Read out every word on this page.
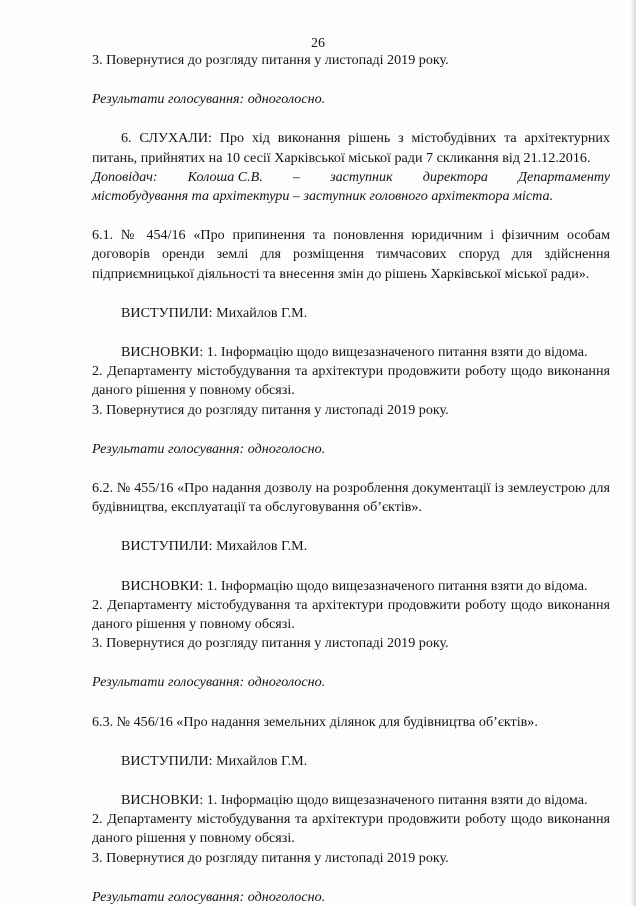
26

3. Повернутися до розгляду питання у листопаді 2019 року.

Результати голосування: одноголосно.

6. СЛУХАЛИ: Про хід виконання рішень з містобудівних та архітектурних питань, прийнятих на 10 сесії Харківської міської ради 7 скликання від 21.12.2016.

Доповідач: Колоша С.В. – заступник директора Департаменту

містобудування та архітектури – заступник головного архітектора міста.

6.1. № 454/16 «Про припинення та поновлення юридичним і фізичним особам договорів оренди землі для розміщення тимчасових споруд для здійснення підприємницької діяльності та внесення змін до рішень Харківської міської ради».

ВИСТУПИЛИ: Михайлов Г.М.

ВИСНОВКИ: 1. Інформацію щодо вищезазначеного питання взяти до відома.

2. Департаменту містобудування та архітектури продовжити роботу щодо виконання даного рішення у повному обсязі.

3. Повернутися до розгляду питання у листопаді 2019 року.

Результати голосування: одноголосно.

6.2. № 455/16 «Про надання дозволу на розроблення документації із землеустрою для будівництва, експлуатації та обслуговування об’єктів».

ВИСТУПИЛИ: Михайлов Г.М.

ВИСНОВКИ: 1. Інформацію щодо вищезазначеного питання взяти до відома.

2. Департаменту містобудування та архітектури продовжити роботу щодо виконання даного рішення у повному обсязі.

3. Повернутися до розгляду питання у листопаді 2019 року.

Результати голосування: одноголосно.

6.3. № 456/16 «Про надання земельних ділянок для будівництва об’єктів».

ВИСТУПИЛИ: Михайлов Г.М.

ВИСНОВКИ: 1. Інформацію щодо вищезазначеного питання взяти до відома.

2. Департаменту містобудування та архітектури продовжити роботу щодо виконання даного рішення у повному обсязі.

3. Повернутися до розгляду питання у листопаді 2019 року.

Результати голосування: одноголосно.
